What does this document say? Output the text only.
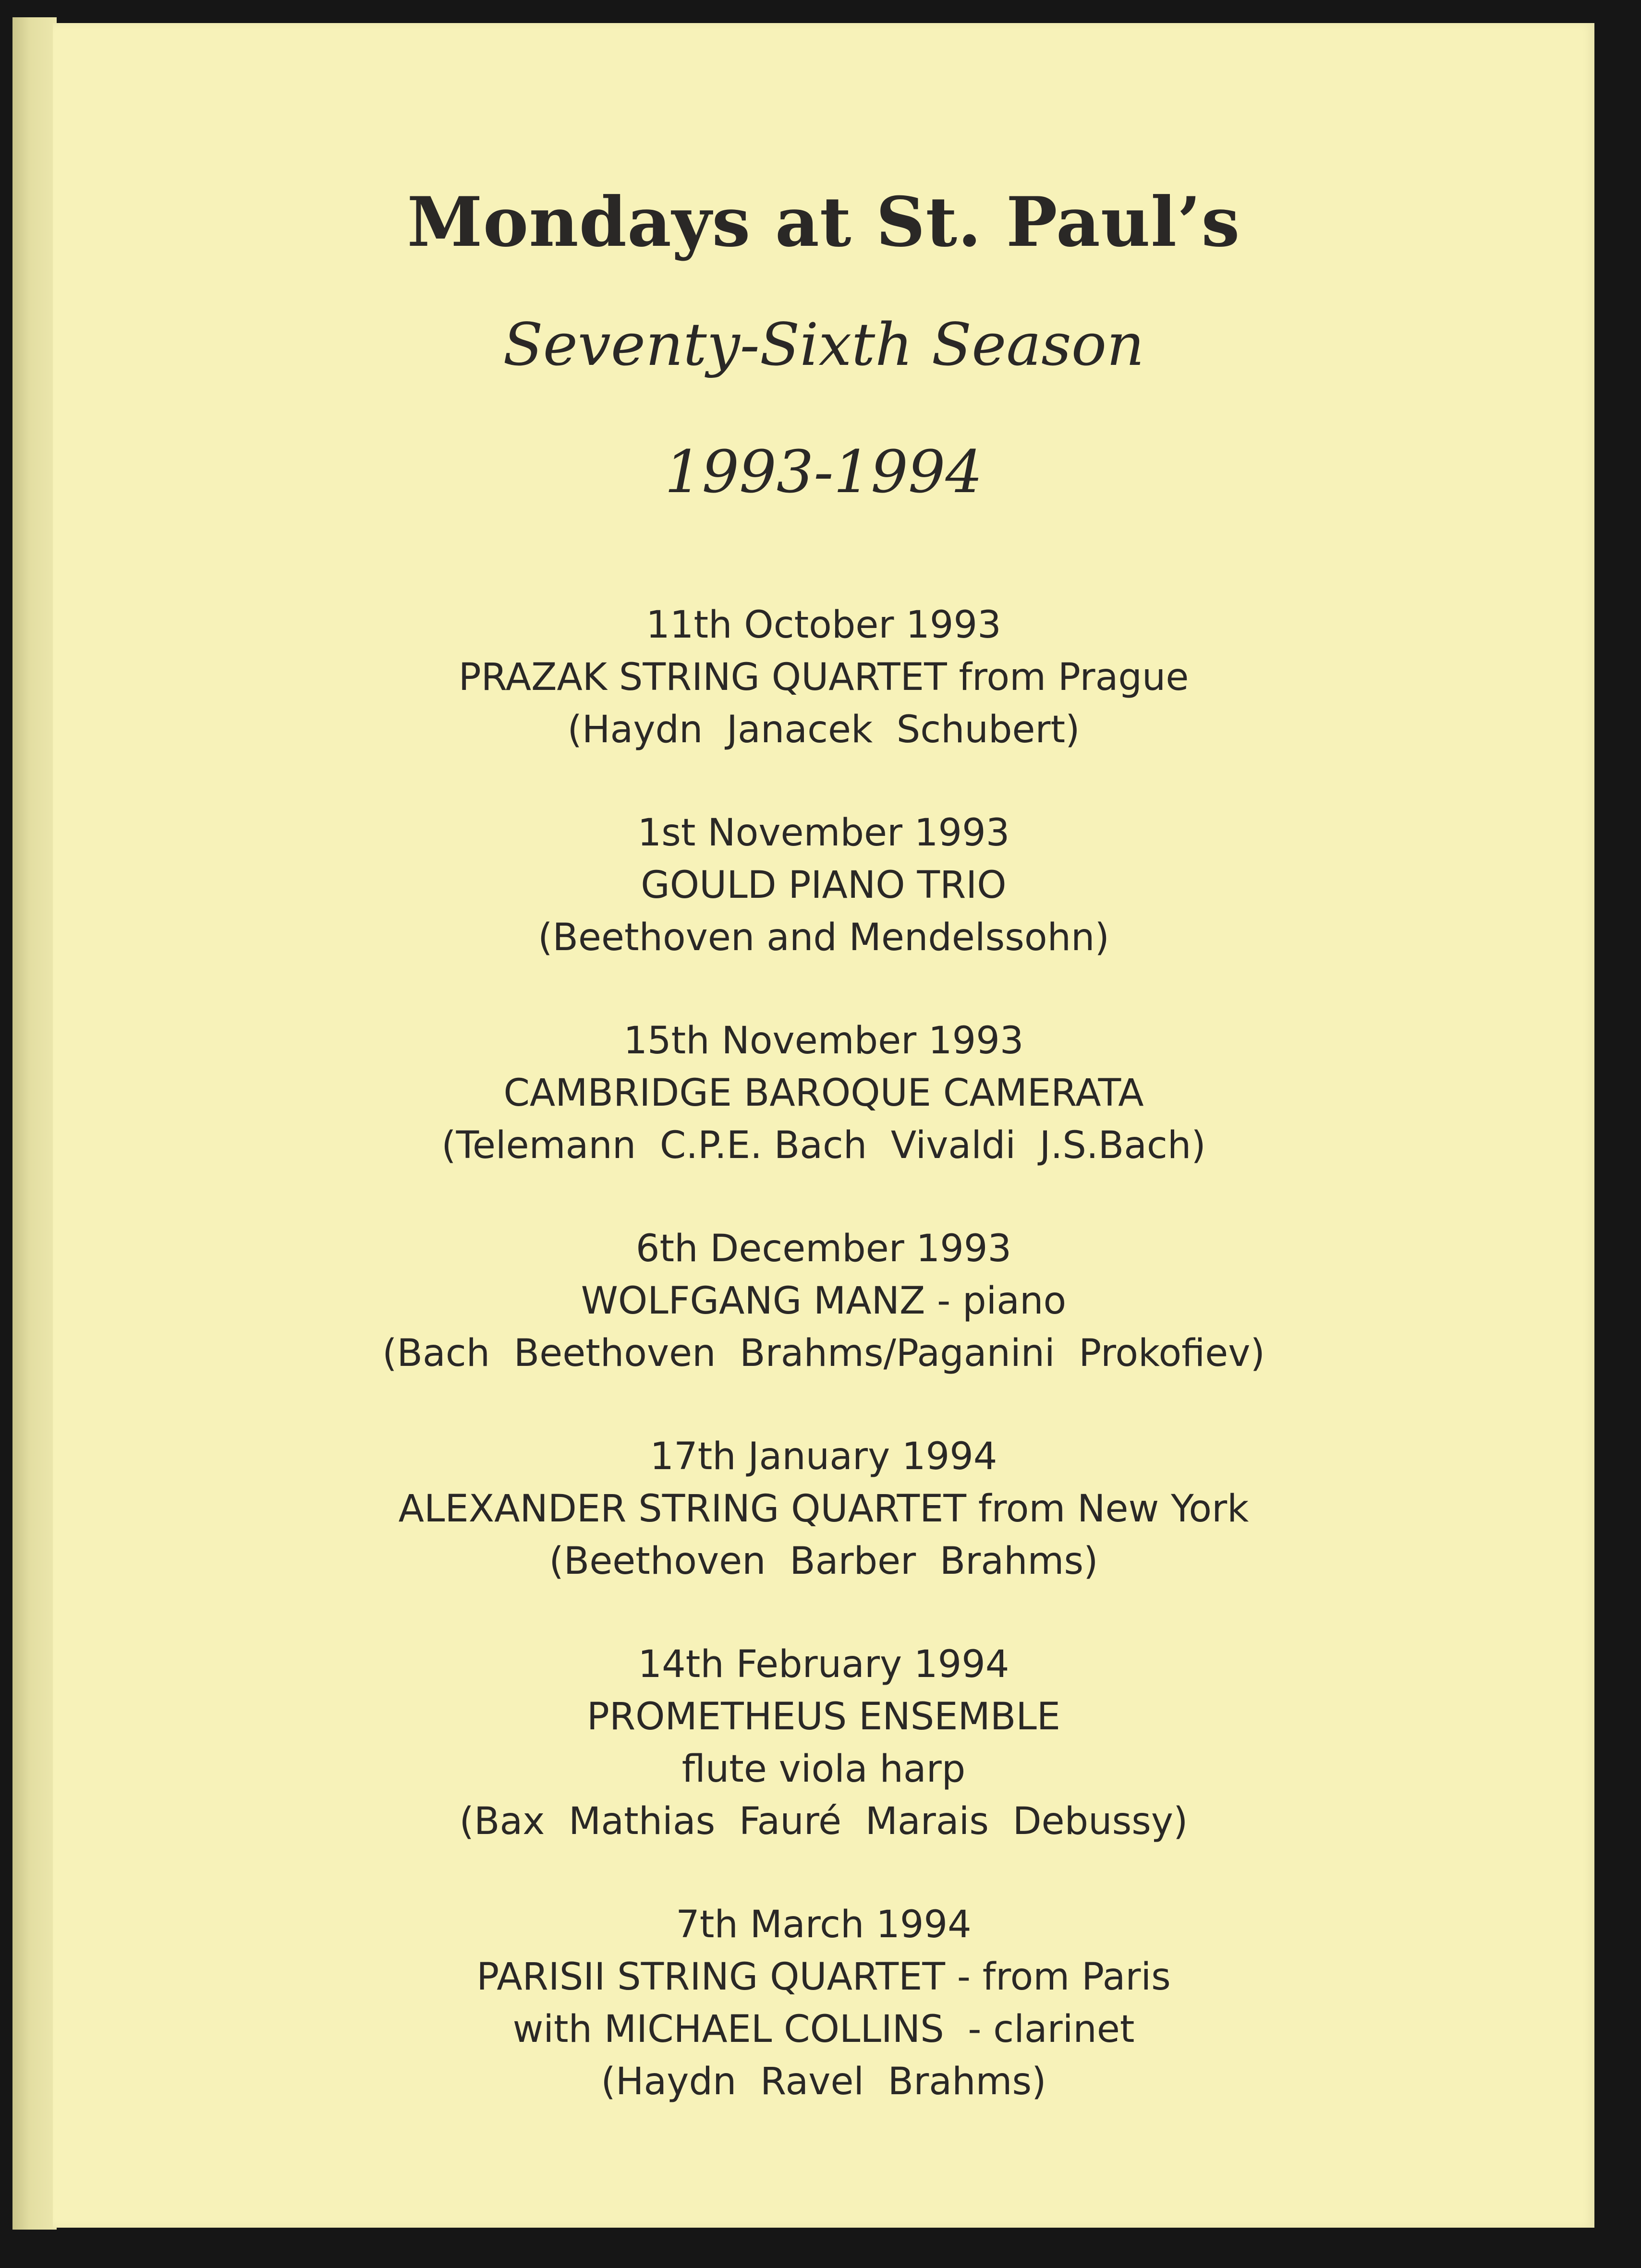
Mondays at St. Paul’s
Seventy-Sixth Season
1993-1994
11th October 1993
PRAZAK STRING QUARTET from Prague
(Haydn  Janacek  Schubert)
1st November 1993
GOULD PIANO TRIO
(Beethoven and Mendelssohn)
15th November 1993
CAMBRIDGE BAROQUE CAMERATA
(Telemann  C.P.E. Bach  Vivaldi  J.S.Bach)
6th December 1993
WOLFGANG MANZ - piano
(Bach  Beethoven  Brahms/Paganini  Prokofiev)
17th January 1994
ALEXANDER STRING QUARTET from New York
(Beethoven  Barber  Brahms)
14th February 1994
PROMETHEUS ENSEMBLE
flute viola harp
(Bax  Mathias  Fauré  Marais  Debussy)
7th March 1994
PARISII STRING QUARTET - from Paris
with MICHAEL COLLINS  - clarinet
(Haydn  Ravel  Brahms)
